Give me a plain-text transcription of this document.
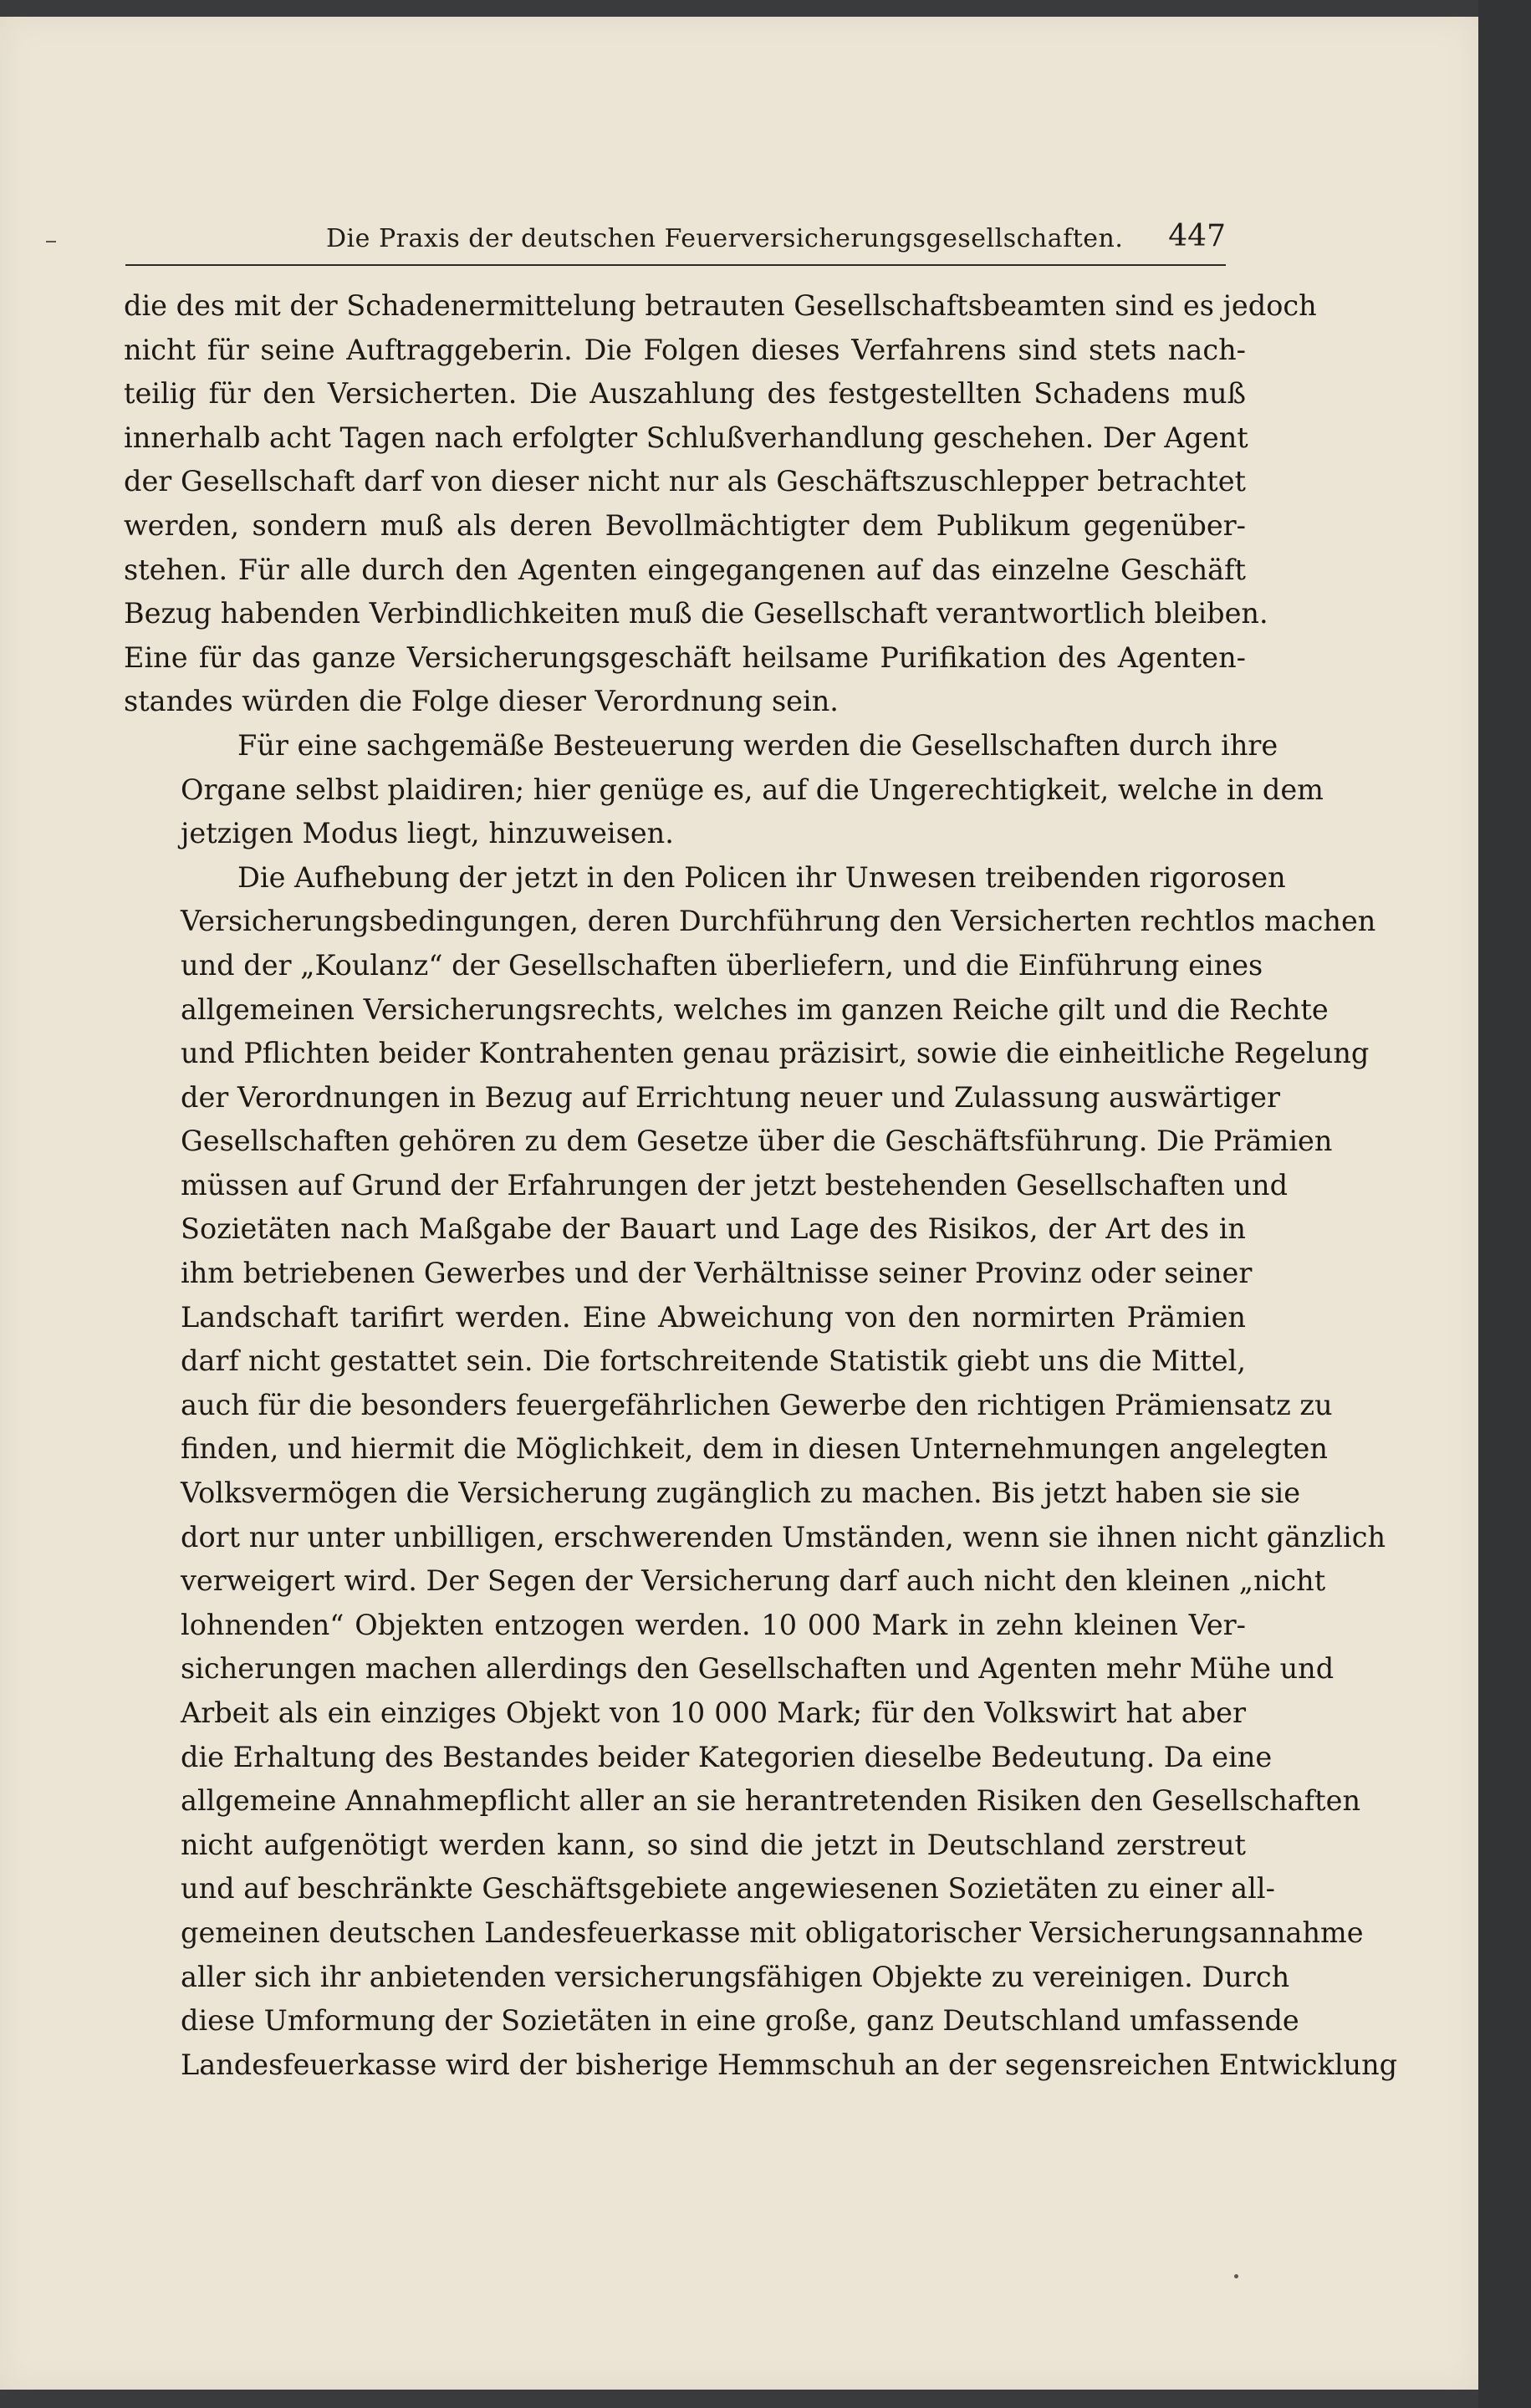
Die Praxis der deutschen Feuerversicherungsgesellschaften. 447

die des mit der Schadenermittelung betrauten Gesellschaftsbeamten sind es jedoch
nicht für seine Auftraggeberin. Die Folgen dieses Verfahrens sind stets nach-
teilig für den Versicherten. Die Auszahlung des festgestellten Schadens muß
innerhalb acht Tagen nach erfolgter Schlußverhandlung geschehen. Der Agent
der Gesellschaft darf von dieser nicht nur als Geschäftszuschlepper betrachtet
werden, sondern muß als deren Bevollmächtigter dem Publikum gegenüber-
stehen. Für alle durch den Agenten eingegangenen auf das einzelne Geschäft
Bezug habenden Verbindlichkeiten muß die Gesellschaft verantwortlich bleiben.
Eine für das ganze Versicherungsgeschäft heilsame Purifikation des Agenten-
standes würden die Folge dieser Verordnung sein.

Für eine sachgemäße Besteuerung werden die Gesellschaften durch ihre
Organe selbst plaidiren; hier genüge es, auf die Ungerechtigkeit, welche in dem
jetzigen Modus liegt, hinzuweisen.

Die Aufhebung der jetzt in den Policen ihr Unwesen treibenden rigorosen
Versicherungsbedingungen, deren Durchführung den Versicherten rechtlos machen
und der „Koulanz“ der Gesellschaften überliefern, und die Einführung eines
allgemeinen Versicherungsrechts, welches im ganzen Reiche gilt und die Rechte
und Pflichten beider Kontrahenten genau präzisirt, sowie die einheitliche Regelung
der Verordnungen in Bezug auf Errichtung neuer und Zulassung auswärtiger
Gesellschaften gehören zu dem Gesetze über die Geschäftsführung. Die Prämien
müssen auf Grund der Erfahrungen der jetzt bestehenden Gesellschaften und
Sozietäten nach Maßgabe der Bauart und Lage des Risikos, der Art des in
ihm betriebenen Gewerbes und der Verhältnisse seiner Provinz oder seiner
Landschaft tarifirt werden. Eine Abweichung von den normirten Prämien
darf nicht gestattet sein. Die fortschreitende Statistik giebt uns die Mittel,
auch für die besonders feuergefährlichen Gewerbe den richtigen Prämiensatz zu
finden, und hiermit die Möglichkeit, dem in diesen Unternehmungen angelegten
Volksvermögen die Versicherung zugänglich zu machen. Bis jetzt haben sie sie
dort nur unter unbilligen, erschwerenden Umständen, wenn sie ihnen nicht gänzlich
verweigert wird. Der Segen der Versicherung darf auch nicht den kleinen „nicht
lohnenden“ Objekten entzogen werden. 10 000 Mark in zehn kleinen Ver-
sicherungen machen allerdings den Gesellschaften und Agenten mehr Mühe und
Arbeit als ein einziges Objekt von 10 000 Mark; für den Volkswirt hat aber
die Erhaltung des Bestandes beider Kategorien dieselbe Bedeutung. Da eine
allgemeine Annahmepflicht aller an sie herantretenden Risiken den Gesellschaften
nicht aufgenötigt werden kann, so sind die jetzt in Deutschland zerstreut
und auf beschränkte Geschäftsgebiete angewiesenen Sozietäten zu einer all-
gemeinen deutschen Landesfeuerkasse mit obligatorischer Versicherungsannahme
aller sich ihr anbietenden versicherungsfähigen Objekte zu vereinigen. Durch
diese Umformung der Sozietäten in eine große, ganz Deutschland umfassende
Landesfeuerkasse wird der bisherige Hemmschuh an der segensreichen Entwicklung
